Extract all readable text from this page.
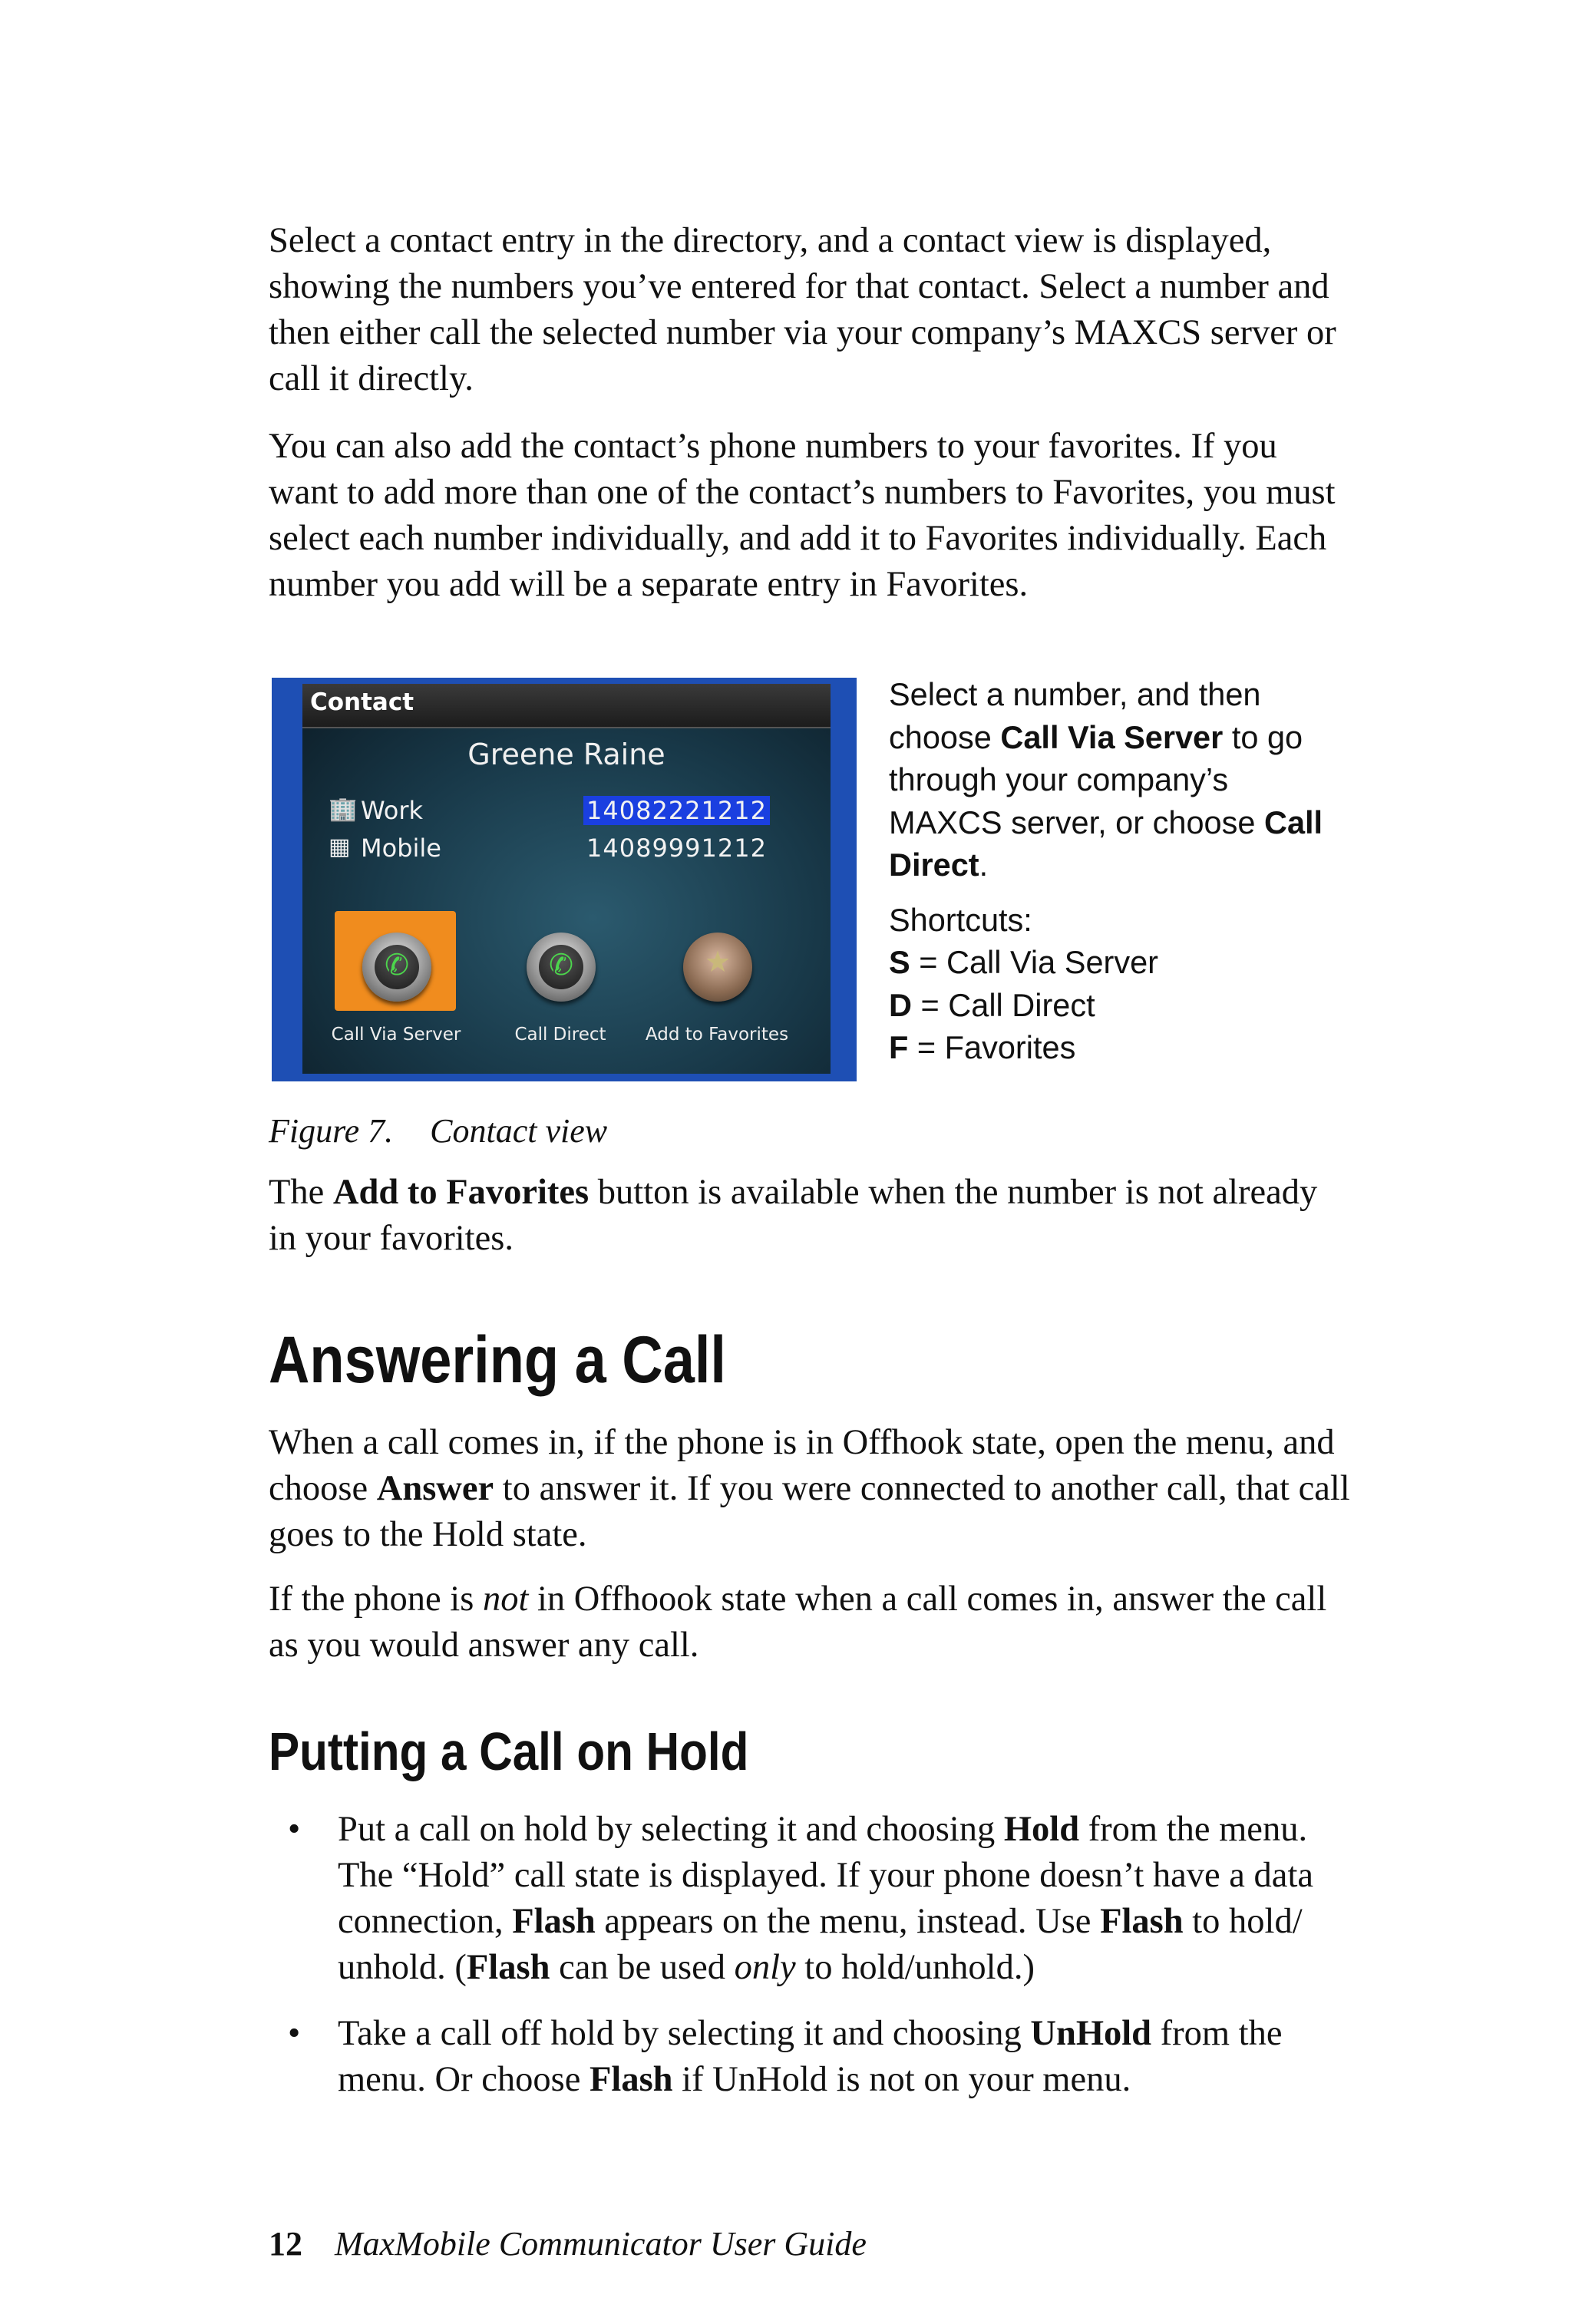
Select a contact entry in the directory, and a contact view is displayed,
showing the numbers you’ve entered for that contact. Select a number and
then either call the selected number via your company’s MAXCS server or
call it directly.
You can also add the contact’s phone numbers to your favorites. If you
want to add more than one of the contact’s numbers to Favorites, you must
select each number individually, and add it to Favorites individually. Each
number you add will be a separate entry in Favorites.
Contact
Greene Raine
🏢 Work	14082221212
▦ Mobile	14089991212
✆
Call Via Server
✆
Call Direct
★
Add to Favorites

Select a number, and then

choose Call Via Server to go

through your company’s

MAXCS server, or choose Call

Direct.

Shortcuts:

S = Call Via Server

D = Call Direct

F = Favorites

Figure 7. Contact view
The Add to Favorites button is available when the number is not already
in your favorites.
Answering a Call
When a call comes in, if the phone is in Offhook state, open the menu, and
choose Answer to answer it. If you were connected to another call, that call
goes to the Hold state.
If the phone is not in Offhoook state when a call comes in, answer the call
as you would answer any call.
Putting a Call on Hold
• Put a call on hold by selecting it and choosing Hold from the menu.
The “Hold” call state is displayed. If your phone doesn’t have a data
connection, Flash appears on the menu, instead. Use Flash to hold/
unhold. (Flash can be used only to hold/unhold.)
• Take a call off hold by selecting it and choosing UnHold from the
menu. Or choose Flash if UnHold is not on your menu.
12 MaxMobile Communicator User Guide
